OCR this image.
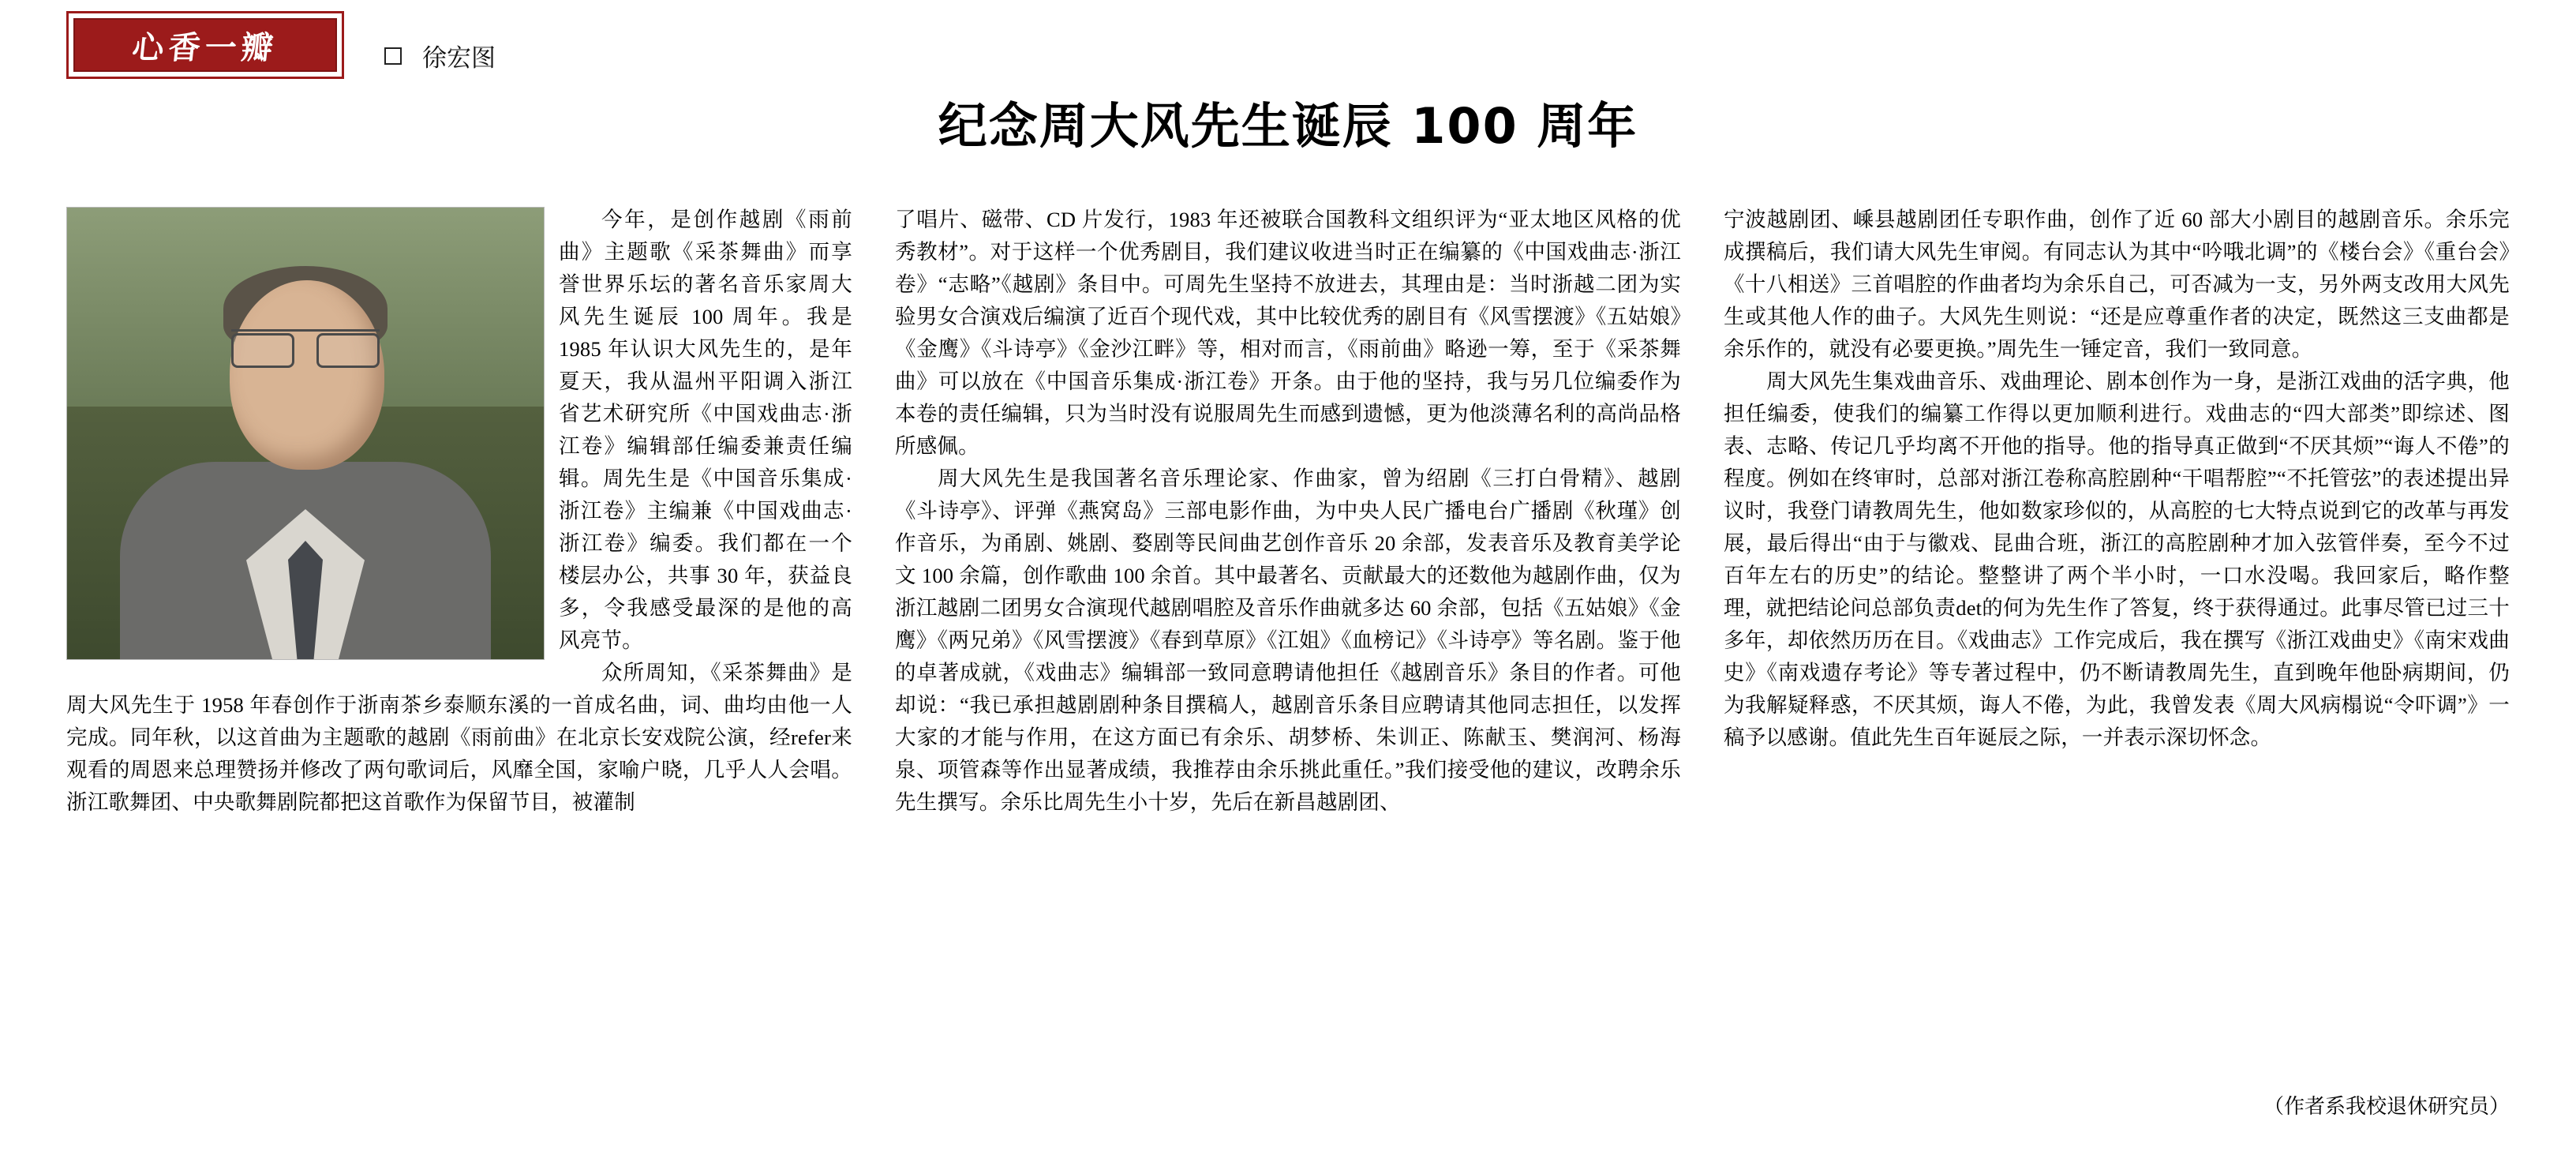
心香一瓣	徐宏图
纪念周大风先生诞辰 100 周年

今年，是创作越剧《雨前曲》主题歌《采茶舞曲》而享誉世界乐坛的著名音乐家周大风先生诞辰 100 周年。我是 1985 年认识大风先生的，是年夏天，我从温州平阳调入浙江省艺术研究所《中国戏曲志·浙江卷》编辑部任编委兼责任编辑。周先生是《中国音乐集成·浙江卷》主编兼《中国戏曲志·浙江卷》编委。我们都在一个楼层办公，共事 30 年，获益良多，令我感受最深的是他的高风亮节。

众所周知，《采茶舞曲》是周大风先生于 1958 年春创作于浙南茶乡泰顺东溪的一首成名曲，词、曲均由他一人完成。同年秋，以这首曲为主题歌的越剧《雨前曲》在北京长安戏院公演，经refer来观看的周恩来总理赞扬并修改了两句歌词后，风靡全国，家喻户晓，几乎人人会唱。浙江歌舞团、中央歌舞剧院都把这首歌作为保留节目，被灌制

了唱片、磁带、CD 片发行，1983 年还被联合国教科文组织评为“亚太地区风格的优秀教材”。对于这样一个优秀剧目，我们建议收进当时正在编纂的《中国戏曲志·浙江卷》“志略”《越剧》条目中。可周先生坚持不放进去，其理由是：当时浙越二团为实验男女合演戏后编演了近百个现代戏，其中比较优秀的剧目有《风雪摆渡》《五姑娘》《金鹰》《斗诗亭》《金沙江畔》等，相对而言，《雨前曲》略逊一筹，至于《采茶舞曲》可以放在《中国音乐集成·浙江卷》开条。由于他的坚持，我与另几位编委作为本卷的责任编辑，只为当时没有说服周先生而感到遗憾，更为他淡薄名利的高尚品格所感佩。

周大风先生是我国著名音乐理论家、作曲家，曾为绍剧《三打白骨精》、越剧《斗诗亭》、评弹《燕窝岛》三部电影作曲，为中央人民广播电台广播剧《秋瑾》创作音乐，为甬剧、姚剧、婺剧等民间曲艺创作音乐 20 余部，发表音乐及教育美学论文 100 余篇，创作歌曲 100 余首。其中最著名、贡献最大的还数他为越剧作曲，仅为浙江越剧二团男女合演现代越剧唱腔及音乐作曲就多达 60 余部，包括《五姑娘》《金鹰》《两兄弟》《风雪摆渡》《春到草原》《江姐》《血榜记》《斗诗亭》等名剧。鉴于他的卓著成就，《戏曲志》编辑部一致同意聘请他担任《越剧音乐》条目的作者。可他却说：“我已承担越剧剧种条目撰稿人，越剧音乐条目应聘请其他同志担任，以发挥大家的才能与作用，在这方面已有余乐、胡梦桥、朱训正、陈献玉、樊润河、杨海泉、项管森等作出显著成绩，我推荐由余乐挑此重任。”我们接受他的建议，改聘余乐先生撰写。余乐比周先生小十岁，先后在新昌越剧团、

宁波越剧团、嵊县越剧团任专职作曲，创作了近 60 部大小剧目的越剧音乐。余乐完成撰稿后，我们请大风先生审阅。有同志认为其中“吟哦北调”的《楼台会》《重台会》《十八相送》三首唱腔的作曲者均为余乐自己，可否减为一支，另外两支改用大风先生或其他人作的曲子。大风先生则说：“还是应尊重作者的决定，既然这三支曲都是余乐作的，就没有必要更换。”周先生一锤定音，我们一致同意。

周大风先生集戏曲音乐、戏曲理论、剧本创作为一身，是浙江戏曲的活字典，他担任编委，使我们的编纂工作得以更加顺利进行。戏曲志的“四大部类”即综述、图表、志略、传记几乎均离不开他的指导。他的指导真正做到“不厌其烦”“诲人不倦”的程度。例如在终审时，总部对浙江卷称高腔剧种“干唱帮腔”“不托管弦”的表述提出异议时，我登门请教周先生，他如数家珍似的，从高腔的七大特点说到它的改革与再发展，最后得出“由于与徽戏、昆曲合班，浙江的高腔剧种才加入弦管伴奏，至今不过百年左右的历史”的结论。整整讲了两个半小时，一口水没喝。我回家后，略作整理，就把结论问总部负责det的何为先生作了答复，终于获得通过。此事尽管已过三十多年，却依然历历在目。《戏曲志》工作完成后，我在撰写《浙江戏曲史》《南宋戏曲史》《南戏遗存考论》等专著过程中，仍不断请教周先生，直到晚年他卧病期间，仍为我解疑释惑，不厌其烦，诲人不倦，为此，我曾发表《周大风病榻说“令吓调”》一稿予以感谢。值此先生百年诞辰之际，一并表示深切怀念。

（作者系我校退休研究员）
